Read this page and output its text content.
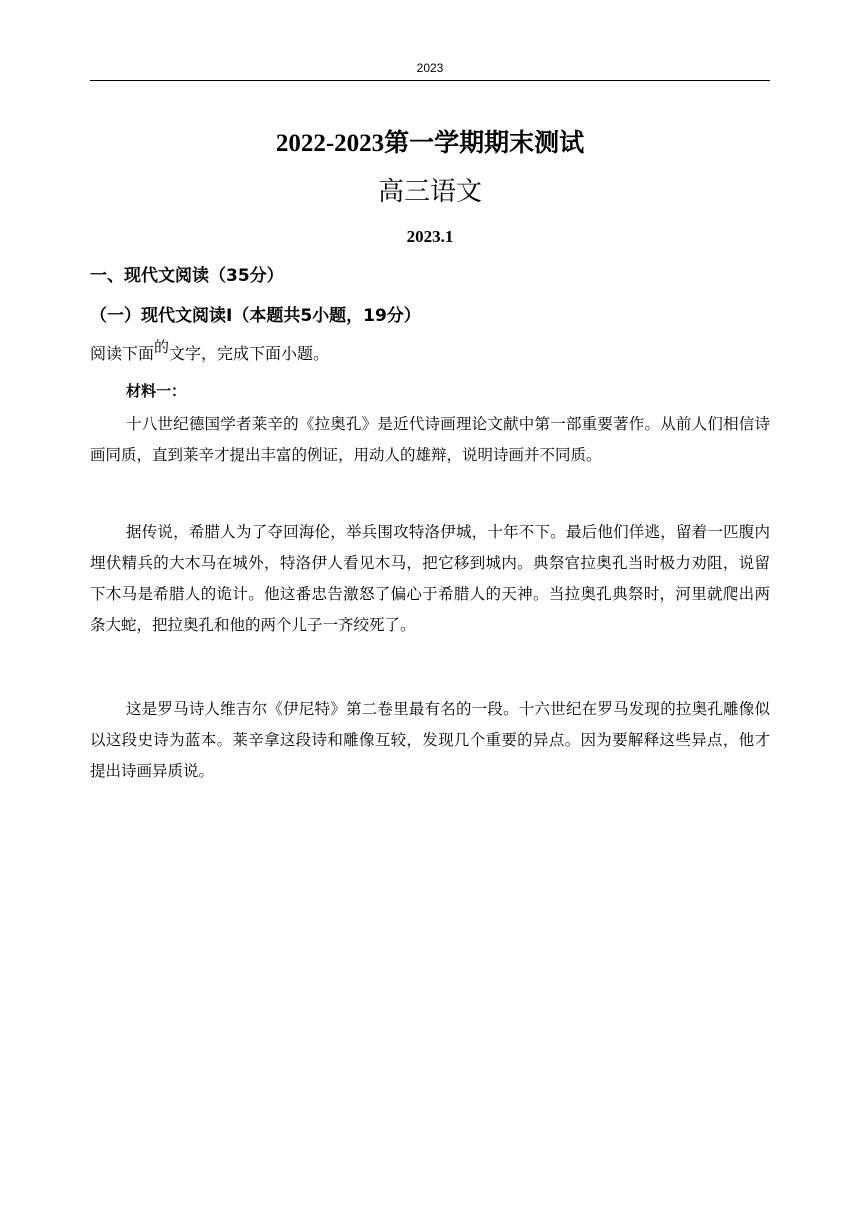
2023
2022-2023第一学期期末测试
高三语文
2023.1
一、现代文阅读（35分）
（一）现代文阅读Ⅰ（本题共5小题，19分）
阅读下面的文字，完成下面小题。
材料一：

十八世纪德国学者莱辛的《拉奥孔》是近代诗画理论文献中第一部重要著作。从前人们相信诗画同质，直到莱辛才提出丰富的例证，用动人的雄辩，说明诗画并不同质。

据传说，希腊人为了夺回海伦，举兵围攻特洛伊城，十年不下。最后他们佯逃，留着一匹腹内埋伏精兵的大木马在城外，特洛伊人看见木马，把它移到城内。典祭官拉奥孔当时极力劝阻，说留下木马是希腊人的诡计。他这番忠告激怒了偏心于希腊人的天神。当拉奥孔典祭时，河里就爬出两条大蛇，把拉奥孔和他的两个儿子一齐绞死了。

这是罗马诗人维吉尔《伊尼特》第二卷里最有名的一段。十六世纪在罗马发现的拉奥孔雕像似以这段史诗为蓝本。莱辛拿这段诗和雕像互较，发现几个重要的异点。因为要解释这些异点，他才提出诗画异质说。
